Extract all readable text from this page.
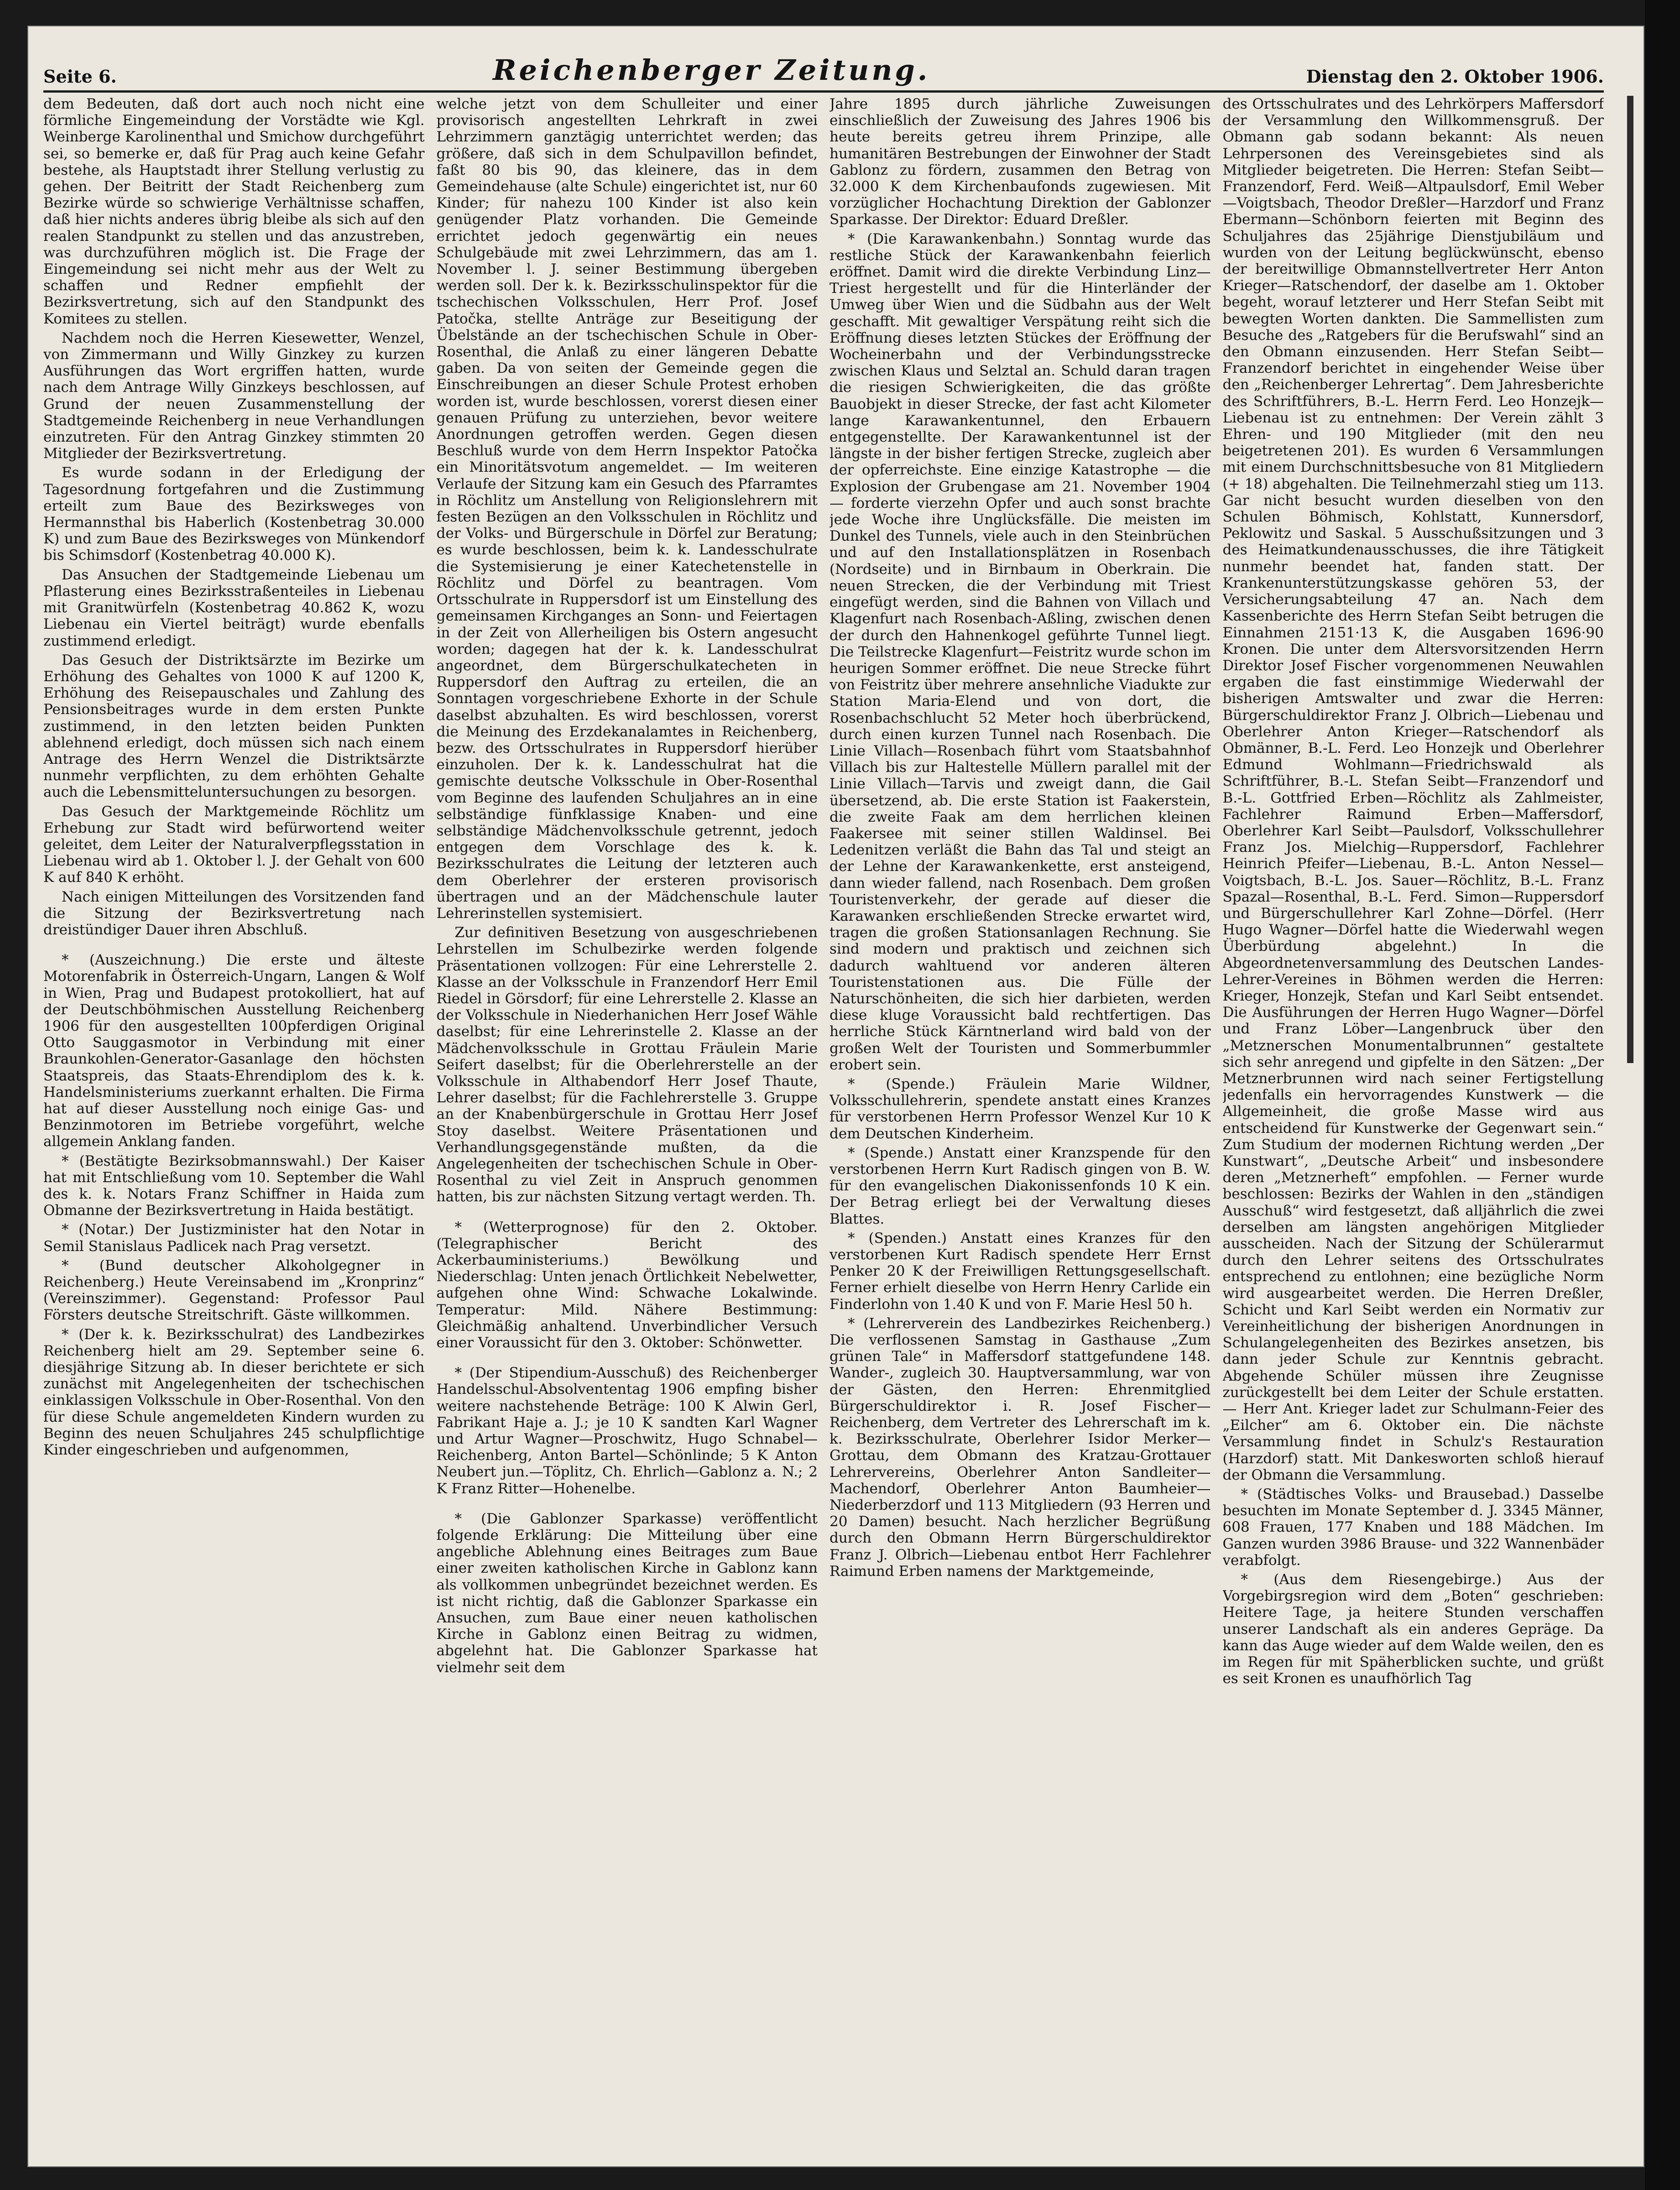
Seite 6.	Reichenberger Zeitung.	Dienstag den 2. Oktober 1906.

dem Bedeuten, daß dort auch noch nicht eine förmliche Eingemeindung der Vorstädte wie Kgl. Weinberge Karolinenthal und Smichow durchgeführt sei, so bemerke er, daß für Prag auch keine Gefahr bestehe, als Hauptstadt ihrer Stellung verlustig zu gehen. Der Beitritt der Stadt Reichenberg zum Bezirke würde so schwierige Verhältnisse schaffen, daß hier nichts anderes übrig bleibe als sich auf den realen Standpunkt zu stellen und das anzustreben, was durchzuführen möglich ist. Die Frage der Eingemeindung sei nicht mehr aus der Welt zu schaffen und Redner empfiehlt der Bezirksvertretung, sich auf den Standpunkt des Komitees zu stellen.

Nachdem noch die Herren Kiesewetter, Wenzel, von Zimmermann und Willy Ginzkey zu kurzen Ausführungen das Wort ergriffen hatten, wurde nach dem Antrage Willy Ginzkeys beschlossen, auf Grund der neuen Zusammenstellung der Stadtgemeinde Reichenberg in neue Verhandlungen einzutreten. Für den Antrag Ginzkey stimmten 20 Mitglieder der Bezirksvertretung.

Es wurde sodann in der Erledigung der Tagesordnung fortgefahren und die Zustimmung erteilt zum Baue des Bezirksweges von Hermannsthal bis Haberlich (Kostenbetrag 30.000 K) und zum Baue des Bezirksweges von Münkendorf bis Schimsdorf (Kostenbetrag 40.000 K).

Das Ansuchen der Stadtgemeinde Liebenau um Pflasterung eines Bezirksstraßenteiles in Liebenau mit Granitwürfeln (Kostenbetrag 40.862 K, wozu Liebenau ein Viertel beiträgt) wurde ebenfalls zustimmend erledigt.

Das Gesuch der Distriktsärzte im Bezirke um Erhöhung des Gehaltes von 1000 K auf 1200 K, Erhöhung des Reisepauschales und Zahlung des Pensionsbeitrages wurde in dem ersten Punkte zustimmend, in den letzten beiden Punkten ablehnend erledigt, doch müssen sich nach einem Antrage des Herrn Wenzel die Distriktsärzte nunmehr verpflichten, zu dem erhöhten Gehalte auch die Lebensmitteluntersuchungen zu besorgen.

Das Gesuch der Marktgemeinde Röchlitz um Erhebung zur Stadt wird befürwortend weiter geleitet, dem Leiter der Naturalverpflegsstation in Liebenau wird ab 1. Oktober l. J. der Gehalt von 600 K auf 840 K erhöht.

Nach einigen Mitteilungen des Vorsitzenden fand die Sitzung der Bezirksvertretung nach dreistündiger Dauer ihren Abschluß.

* (Auszeichnung.) Die erste und älteste Motorenfabrik in Österreich-Ungarn, Langen & Wolf in Wien, Prag und Budapest protokolliert, hat auf der Deutschböhmischen Ausstellung Reichenberg 1906 für den ausgestellten 100pferdigen Original Otto Sauggasmotor in Verbindung mit einer Braunkohlen-Generator-Gasanlage den höchsten Staatspreis, das Staats-Ehrendiplom des k. k. Handelsministeriums zuerkannt erhalten. Die Firma hat auf dieser Ausstellung noch einige Gas- und Benzinmotoren im Betriebe vorgeführt, welche allgemein Anklang fanden.

* (Bestätigte Bezirksobmannswahl.) Der Kaiser hat mit Entschließung vom 10. September die Wahl des k. k. Notars Franz Schiffner in Haida zum Obmanne der Bezirksvertretung in Haida bestätigt.

* (Notar.) Der Justizminister hat den Notar in Semil Stanislaus Padlicek nach Prag versetzt.

* (Bund deutscher Alkoholgegner in Reichenberg.) Heute Vereinsabend im „Kronprinz“ (Vereinszimmer). Gegenstand: Professor Paul Försters deutsche Streitschrift. Gäste willkommen.

* (Der k. k. Bezirksschulrat) des Landbezirkes Reichenberg hielt am 29. September seine 6. diesjährige Sitzung ab. In dieser berichtete er sich zunächst mit Angelegenheiten der tschechischen einklassigen Volksschule in Ober-Rosenthal. Von den für diese Schule angemeldeten Kindern wurden zu Beginn des neuen Schuljahres 245 schulpflichtige Kinder eingeschrieben und aufgenommen,

welche jetzt von dem Schulleiter und einer provisorisch angestellten Lehrkraft in zwei Lehrzimmern ganztägig unterrichtet werden; das größere, daß sich in dem Schulpavillon befindet, faßt 80 bis 90, das kleinere, das in dem Gemeindehause (alte Schule) eingerichtet ist, nur 60 Kinder; für nahezu 100 Kinder ist also kein genügender Platz vorhanden. Die Gemeinde errichtet jedoch gegenwärtig ein neues Schulgebäude mit zwei Lehrzimmern, das am 1. November l. J. seiner Bestimmung übergeben werden soll. Der k. k. Bezirksschulinspektor für die tschechischen Volksschulen, Herr Prof. Josef Patočka, stellte Anträge zur Beseitigung der Übelstände an der tschechischen Schule in Ober-Rosenthal, die Anlaß zu einer längeren Debatte gaben. Da von seiten der Gemeinde gegen die Einschreibungen an dieser Schule Protest erhoben worden ist, wurde beschlossen, vorerst diesen einer genauen Prüfung zu unterziehen, bevor weitere Anordnungen getroffen werden. Gegen diesen Beschluß wurde von dem Herrn Inspektor Patočka ein Minoritätsvotum angemeldet. — Im weiteren Verlaufe der Sitzung kam ein Gesuch des Pfarramtes in Röchlitz um Anstellung von Religionslehrern mit festen Bezügen an den Volksschulen in Röchlitz und der Volks- und Bürgerschule in Dörfel zur Beratung; es wurde beschlossen, beim k. k. Landesschulrate die Systemisierung je einer Katechetenstelle in Röchlitz und Dörfel zu beantragen. Vom Ortsschulrate in Ruppersdorf ist um Einstellung des gemeinsamen Kirchganges an Sonn- und Feiertagen in der Zeit von Allerheiligen bis Ostern angesucht worden; dagegen hat der k. k. Landesschulrat angeordnet, dem Bürgerschulkatecheten in Ruppersdorf den Auftrag zu erteilen, die an Sonntagen vorgeschriebene Exhorte in der Schule daselbst abzuhalten. Es wird beschlossen, vorerst die Meinung des Erzdekanalamtes in Reichenberg, bezw. des Ortsschulrates in Ruppersdorf hierüber einzuholen. Der k. k. Landesschulrat hat die gemischte deutsche Volksschule in Ober-Rosenthal vom Beginne des laufenden Schuljahres an in eine selbständige fünfklassige Knaben- und eine selbständige Mädchenvolksschule getrennt, jedoch entgegen dem Vorschlage des k. k. Bezirksschulrates die Leitung der letzteren auch dem Oberlehrer der ersteren provisorisch übertragen und an der Mädchenschule lauter Lehrerinstellen systemisiert.

Zur definitiven Besetzung von ausgeschriebenen Lehrstellen im Schulbezirke werden folgende Präsentationen vollzogen: Für eine Lehrerstelle 2. Klasse an der Volksschule in Franzendorf Herr Emil Riedel in Görsdorf; für eine Lehrerstelle 2. Klasse an der Volksschule in Niederhanichen Herr Josef Wähle daselbst; für eine Lehrerinstelle 2. Klasse an der Mädchenvolksschule in Grottau Fräulein Marie Seifert daselbst; für die Oberlehrerstelle an der Volksschule in Althabendorf Herr Josef Thaute, Lehrer daselbst; für die Fachlehrerstelle 3. Gruppe an der Knabenbürgerschule in Grottau Herr Josef Stoy daselbst. Weitere Präsentationen und Verhandlungsgegenstände mußten, da die Angelegenheiten der tschechischen Schule in Ober-Rosenthal zu viel Zeit in Anspruch genommen hatten, bis zur nächsten Sitzung vertagt werden. Th.

* (Wetterprognose) für den 2. Oktober. (Telegraphischer Bericht des Ackerbauministeriums.) Bewölkung und Niederschlag: Unten jenach Örtlichkeit Nebelwetter, aufgehen ohne Wind: Schwache Lokalwinde. Temperatur: Mild. Nähere Bestimmung: Gleichmäßig anhaltend. Unverbindlicher Versuch einer Voraussicht für den 3. Oktober: Schönwetter.

* (Der Stipendium-Ausschuß) des Reichenberger Handelsschul-Absolvententag 1906 empfing bisher weitere nachstehende Beträge: 100 K Alwin Gerl, Fabrikant Haje a. J.; je 10 K sandten Karl Wagner und Artur Wagner—Proschwitz, Hugo Schnabel—Reichenberg, Anton Bartel—Schönlinde; 5 K Anton Neubert jun.—Töplitz, Ch. Ehrlich—Gablonz a. N.; 2 K Franz Ritter—Hohenelbe.

* (Die Gablonzer Sparkasse) veröffentlicht folgende Erklärung: Die Mitteilung über eine angebliche Ablehnung eines Beitrages zum Baue einer zweiten katholischen Kirche in Gablonz kann als vollkommen unbegründet bezeichnet werden. Es ist nicht richtig, daß die Gablonzer Sparkasse ein Ansuchen, zum Baue einer neuen katholischen Kirche in Gablonz einen Beitrag zu widmen, abgelehnt hat. Die Gablonzer Sparkasse hat vielmehr seit dem

Jahre 1895 durch jährliche Zuweisungen einschließlich der Zuweisung des Jahres 1906 bis heute bereits getreu ihrem Prinzipe, alle humanitären Bestrebungen der Einwohner der Stadt Gablonz zu fördern, zusammen den Betrag von 32.000 K dem Kirchenbaufonds zugewiesen. Mit vorzüglicher Hochachtung Direktion der Gablonzer Sparkasse. Der Direktor: Eduard Dreßler.

* (Die Karawankenbahn.) Sonntag wurde das restliche Stück der Karawankenbahn feierlich eröffnet. Damit wird die direkte Verbindung Linz—Triest hergestellt und für die Hinterländer der Umweg über Wien und die Südbahn aus der Welt geschafft. Mit gewaltiger Verspätung reiht sich die Eröffnung dieses letzten Stückes der Eröffnung der Wocheinerbahn und der Verbindungsstrecke zwischen Klaus und Selztal an. Schuld daran tragen die riesigen Schwierigkeiten, die das größte Bauobjekt in dieser Strecke, der fast acht Kilometer lange Karawankentunnel, den Erbauern entgegenstellte. Der Karawankentunnel ist der längste in der bisher fertigen Strecke, zugleich aber der opferreichste. Eine einzige Katastrophe — die Explosion der Grubengase am 21. November 1904 — forderte vierzehn Opfer und auch sonst brachte jede Woche ihre Unglücksfälle. Die meisten im Dunkel des Tunnels, viele auch in den Steinbrüchen und auf den Installationsplätzen in Rosenbach (Nordseite) und in Birnbaum in Oberkrain. Die neuen Strecken, die der Verbindung mit Triest eingefügt werden, sind die Bahnen von Villach und Klagenfurt nach Rosenbach-Aßling, zwischen denen der durch den Hahnenkogel geführte Tunnel liegt. Die Teilstrecke Klagenfurt—Feistritz wurde schon im heurigen Sommer eröffnet. Die neue Strecke führt von Feistritz über mehrere ansehnliche Viadukte zur Station Maria-Elend und von dort, die Rosenbachschlucht 52 Meter hoch überbrückend, durch einen kurzen Tunnel nach Rosenbach. Die Linie Villach—Rosenbach führt vom Staatsbahnhof Villach bis zur Haltestelle Müllern parallel mit der Linie Villach—Tarvis und zweigt dann, die Gail übersetzend, ab. Die erste Station ist Faakerstein, die zweite Faak am dem herrlichen kleinen Faakersee mit seiner stillen Waldinsel. Bei Ledenitzen verläßt die Bahn das Tal und steigt an der Lehne der Karawankenkette, erst ansteigend, dann wieder fallend, nach Rosenbach. Dem großen Touristenverkehr, der gerade auf dieser die Karawanken erschließenden Strecke erwartet wird, tragen die großen Stationsanlagen Rechnung. Sie sind modern und praktisch und zeichnen sich dadurch wahltuend vor anderen älteren Touristenstationen aus. Die Fülle der Naturschönheiten, die sich hier darbieten, werden diese kluge Voraussicht bald rechtfertigen. Das herrliche Stück Kärntnerland wird bald von der großen Welt der Touristen und Sommerbummler erobert sein.

* (Spende.) Fräulein Marie Wildner, Volksschullehrerin, spendete anstatt eines Kranzes für verstorbenen Herrn Professor Wenzel Kur 10 K dem Deutschen Kinderheim.

* (Spende.) Anstatt einer Kranzspende für den verstorbenen Herrn Kurt Radisch gingen von B. W. für den evangelischen Diakonissenfonds 10 K ein. Der Betrag erliegt bei der Verwaltung dieses Blattes.

* (Spenden.) Anstatt eines Kranzes für den verstorbenen Kurt Radisch spendete Herr Ernst Penker 20 K der Freiwilligen Rettungsgesellschaft. Ferner erhielt dieselbe von Herrn Henry Carlide ein Finderlohn von 1.40 K und von F. Marie Hesl 50 h.

* (Lehrerverein des Landbezirkes Reichenberg.) Die verflossenen Samstag in Gasthause „Zum grünen Tale“ in Maffersdorf stattgefundene 148. Wander-, zugleich 30. Hauptversammlung, war von der Gästen, den Herren: Ehrenmitglied Bürgerschuldirektor i. R. Josef Fischer—Reichenberg, dem Vertreter des Lehrerschaft im k. k. Bezirksschulrate, Oberlehrer Isidor Merker—Grottau, dem Obmann des Kratzau-Grottauer Lehrervereins, Oberlehrer Anton Sandleiter—Machendorf, Oberlehrer Anton Baumheier—Niederberzdorf und 113 Mitgliedern (93 Herren und 20 Damen) besucht. Nach herzlicher Begrüßung durch den Obmann Herrn Bürgerschuldirektor Franz J. Olbrich—Liebenau entbot Herr Fachlehrer Raimund Erben namens der Marktgemeinde,

des Ortsschulrates und des Lehrkörpers Maffersdorf der Versammlung den Willkommensgruß. Der Obmann gab sodann bekannt: Als neuen Lehrpersonen des Vereinsgebietes sind als Mitglieder beigetreten. Die Herren: Stefan Seibt—Franzendorf, Ferd. Weiß—Altpaulsdorf, Emil Weber—Voigtsbach, Theodor Dreßler—Harzdorf und Franz Ebermann—Schönborn feierten mit Beginn des Schuljahres das 25jährige Dienstjubiläum und wurden von der Leitung beglückwünscht, ebenso der bereitwillige Obmannstellvertreter Herr Anton Krieger—Ratschendorf, der daselbe am 1. Oktober begeht, worauf letzterer und Herr Stefan Seibt mit bewegten Worten dankten. Die Sammellisten zum Besuche des „Ratgebers für die Berufswahl“ sind an den Obmann einzusenden. Herr Stefan Seibt—Franzendorf berichtet in eingehender Weise über den „Reichenberger Lehrertag“. Dem Jahresberichte des Schriftführers, B.-L. Herrn Ferd. Leo Honzejk—Liebenau ist zu entnehmen: Der Verein zählt 3 Ehren- und 190 Mitglieder (mit den neu beigetretenen 201). Es wurden 6 Versammlungen mit einem Durchschnittsbesuche von 81 Mitgliedern (+ 18) abgehalten. Die Teilnehmerzahl stieg um 113. Gar nicht besucht wurden dieselben von den Schulen Böhmisch, Kohlstatt, Kunnersdorf, Peklowitz und Saskal. 5 Ausschußsitzungen und 3 des Heimatkundenausschusses, die ihre Tätigkeit nunmehr beendet hat, fanden statt. Der Krankenunterstützungskasse gehören 53, der Versicherungsabteilung 47 an. Nach dem Kassenberichte des Herrn Stefan Seibt betrugen die Einnahmen 2151·13 K, die Ausgaben 1696·90 Kronen. Die unter dem Altersvorsitzenden Herrn Direktor Josef Fischer vorgenommenen Neuwahlen ergaben die fast einstimmige Wiederwahl der bisherigen Amtswalter und zwar die Herren: Bürgerschuldirektor Franz J. Olbrich—Liebenau und Oberlehrer Anton Krieger—Ratschendorf als Obmänner, B.-L. Ferd. Leo Honzejk und Oberlehrer Edmund Wohlmann—Friedrichswald als Schriftführer, B.-L. Stefan Seibt—Franzendorf und B.-L. Gottfried Erben—Röchlitz als Zahlmeister, Fachlehrer Raimund Erben—Maffersdorf, Oberlehrer Karl Seibt—Paulsdorf, Volksschullehrer Franz Jos. Mielchig—Ruppersdorf, Fachlehrer Heinrich Pfeifer—Liebenau, B.-L. Anton Nessel—Voigtsbach, B.-L. Jos. Sauer—Röchlitz, B.-L. Franz Spazal—Rosenthal, B.-L. Ferd. Simon—Ruppersdorf und Bürgerschullehrer Karl Zohne—Dörfel. (Herr Hugo Wagner—Dörfel hatte die Wiederwahl wegen Überbürdung abgelehnt.) In die Abgeordnetenversammlung des Deutschen Landes-Lehrer-Vereines in Böhmen werden die Herren: Krieger, Honzejk, Stefan und Karl Seibt entsendet. Die Ausführungen der Herren Hugo Wagner—Dörfel und Franz Löber—Langenbruck über den „Metznerschen Monumentalbrunnen“ gestaltete sich sehr anregend und gipfelte in den Sätzen: „Der Metznerbrunnen wird nach seiner Fertigstellung jedenfalls ein hervorragendes Kunstwerk — die Allgemeinheit, die große Masse wird aus entscheidend für Kunstwerke der Gegenwart sein.“ Zum Studium der modernen Richtung werden „Der Kunstwart“, „Deutsche Arbeit“ und insbesondere deren „Metznerheft“ empfohlen. — Ferner wurde beschlossen: Bezirks der Wahlen in den „ständigen Ausschuß“ wird festgesetzt, daß alljährlich die zwei derselben am längsten angehörigen Mitglieder ausscheiden. Nach der Sitzung der Schülerarmut durch den Lehrer seitens des Ortsschulrates entsprechend zu entlohnen; eine bezügliche Norm wird ausgearbeitet werden. Die Herren Dreßler, Schicht und Karl Seibt werden ein Normativ zur Vereinheitlichung der bisherigen Anordnungen in Schulangelegenheiten des Bezirkes ansetzen, bis dann jeder Schule zur Kenntnis gebracht. Abgehende Schüler müssen ihre Zeugnisse zurückgestellt bei dem Leiter der Schule erstatten. — Herr Ant. Krieger ladet zur Schulmann-Feier des „Eilcher“ am 6. Oktober ein. Die nächste Versammlung findet in Schulz's Restauration (Harzdorf) statt. Mit Dankesworten schloß hierauf der Obmann die Versammlung.

* (Städtisches Volks- und Brausebad.) Dasselbe besuchten im Monate September d. J. 3345 Männer, 608 Frauen, 177 Knaben und 188 Mädchen. Im Ganzen wurden 3986 Brause- und 322 Wannenbäder verabfolgt.

* (Aus dem Riesengebirge.) Aus der Vorgebirgsregion wird dem „Boten“ geschrieben: Heitere Tage, ja heitere Stunden verschaffen unserer Landschaft als ein anderes Gepräge. Da kann das Auge wieder auf dem Walde weilen, den es im Regen für mit Späherblicken suchte, und grüßt es seit Kronen es unaufhörlich Tag
